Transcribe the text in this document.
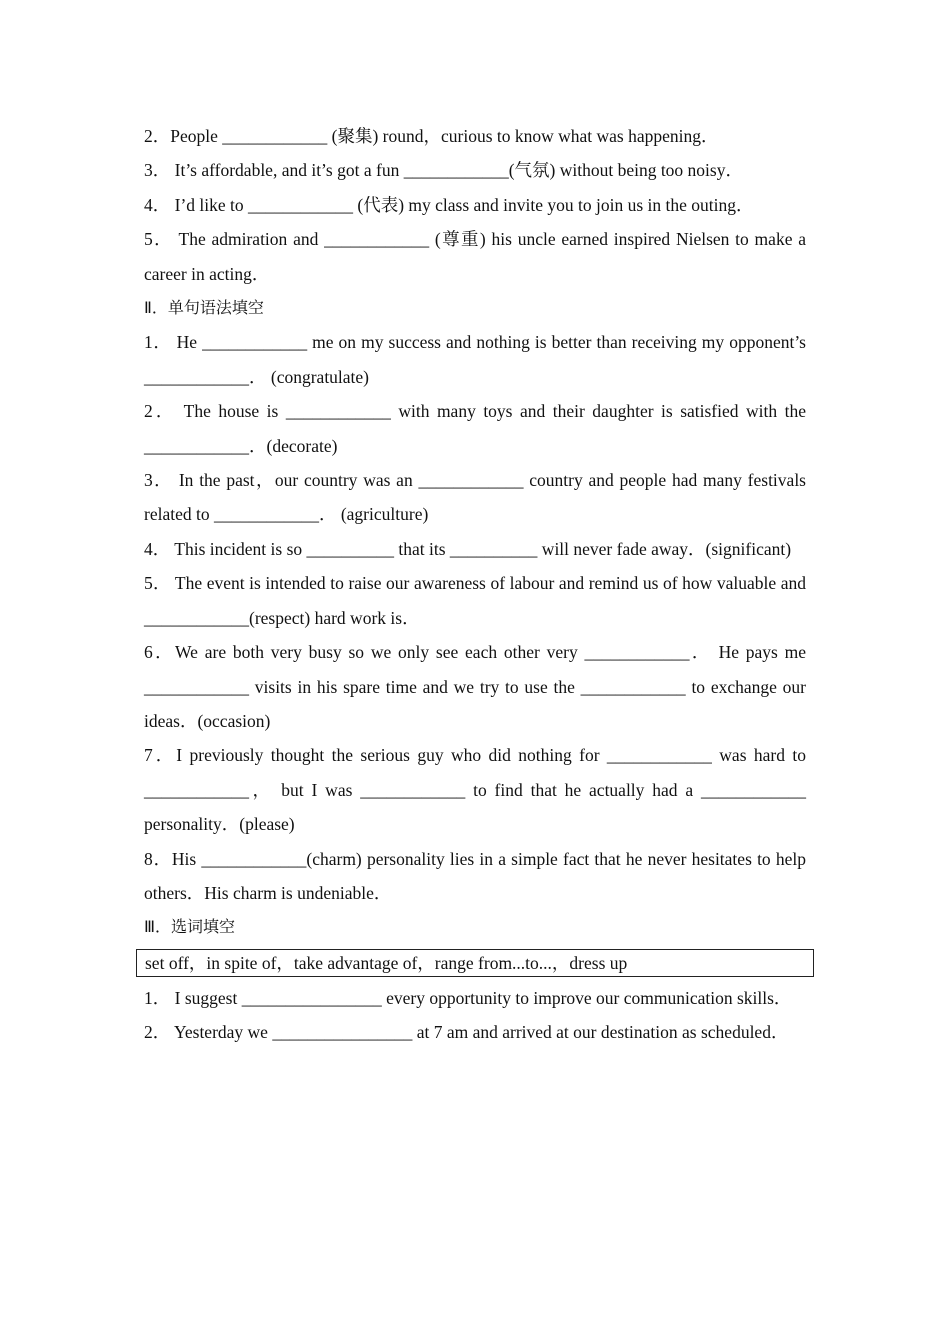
2．People ____________ (聚集) round，curious to know what was happening．

3． It’s affordable, and it’s got a fun ____________(气氛) without being too noisy．

4． I’d like to ____________ (代表) my class and invite you to join us in the outing．

5． The admiration and ____________ (尊重) his uncle earned inspired Nielsen to make a career in acting．

Ⅱ．单句语法填空

1． He ____________ me on my success and nothing is better than receiving my opponent’s ____________． (congratulate)

2． The house is ____________ with many toys and their daughter is satisfied with the ____________．(decorate)

3． In the past，our country was an ____________ country and people had many festivals related to ____________． (agriculture)

4． This incident is so __________ that its __________ will never fade away．(significant)

5． The event is intended to raise our awareness of labour and remind us of how valuable and ____________(respect) hard work is．

6．We are both very busy so we only see each other very ____________． He pays me ____________ visits in his spare time and we try to use the ____________ to exchange our ideas．(occasion)

7．I previously thought the serious guy who did nothing for ____________ was hard to ____________， but I was ____________ to find that he actually had a ____________ personality．(please)

8．His ____________(charm) personality lies in a simple fact that he never hesitates to help others．His charm is undeniable．

Ⅲ．选词填空

set off，in spite of，take advantage of，range from...to...，dress up

1． I suggest ________________ every opportunity to improve our communication skills．

2． Yesterday we ________________ at 7 am and arrived at our destination as scheduled．
